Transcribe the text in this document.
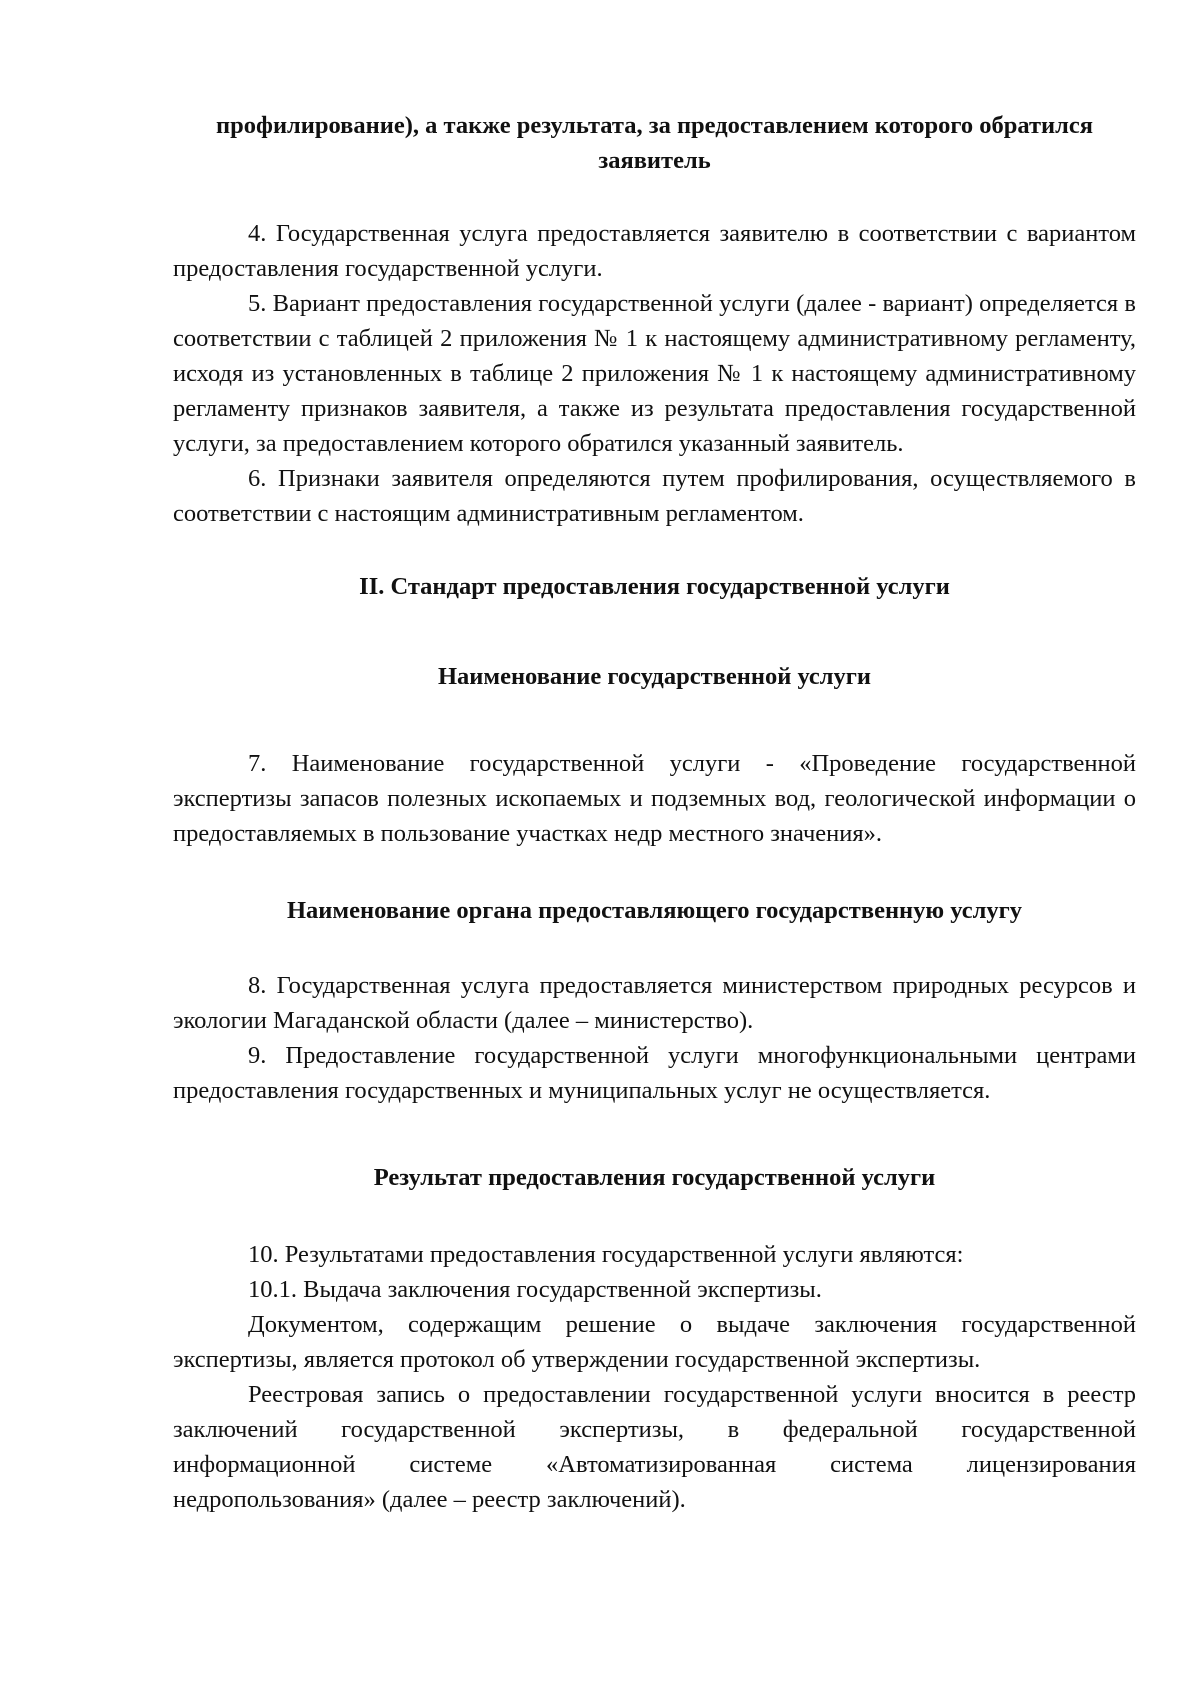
профилирование), а также результата, за предоставлением которого обратился заявитель

4. Государственная услуга предоставляется заявителю в соответствии с вариантом предоставления государственной услуги.

5. Вариант предоставления государственной услуги (далее - вариант) определяется в соответствии с таблицей 2 приложения № 1 к настоящему административному регламенту, исходя из установленных в таблице 2 приложения № 1 к настоящему административному регламенту признаков заявителя, а также из результата предоставления государственной услуги, за предоставлением которого обратился указанный заявитель.

6. Признаки заявителя определяются путем профилирования, осуществляемого в соответствии с настоящим административным регламентом.

II. Стандарт предоставления государственной услуги

Наименование государственной услуги

7. Наименование государственной услуги - «Проведение государственной экспертизы запасов полезных ископаемых и подземных вод, геологической информации о предоставляемых в пользование участках недр местного значения».

Наименование органа предоставляющего государственную услугу

8. Государственная услуга предоставляется министерством природных ресурсов и экологии Магаданской области (далее – министерство).

9. Предоставление государственной услуги многофункциональными центрами предоставления государственных и муниципальных услуг не осуществляется.

Результат предоставления государственной услуги

10. Результатами предоставления государственной услуги являются:

10.1. Выдача заключения государственной экспертизы.

Документом, содержащим решение о выдаче заключения государственной экспертизы, является протокол об утверждении государственной экспертизы.

Реестровая запись о предоставлении государственной услуги вносится в реестр заключений государственной экспертизы, в федеральной государственной информационной системе «Автоматизированная система лицензирования недропользования» (далее – реестр заключений).
